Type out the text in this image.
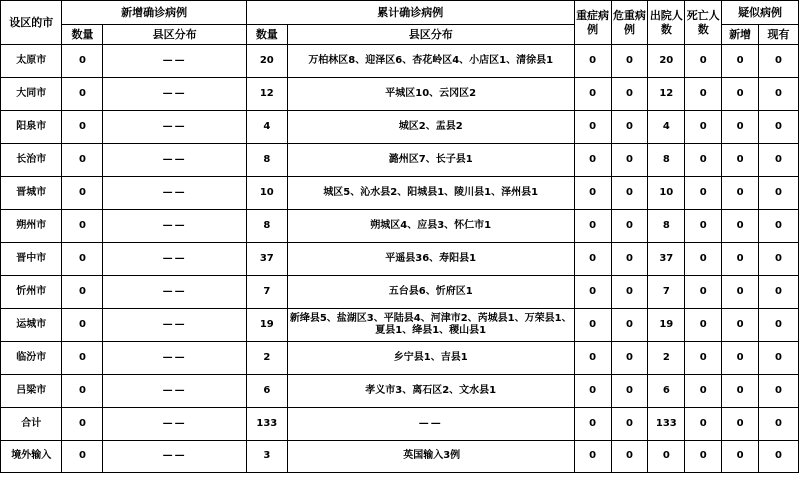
设区的市	新增确诊病例		累计确诊病例		重症病例	危重病例	出院人数	死亡人数	疑似病例	
	数量	县区分布	数量	县区分布					新增	现有
太原市	0	——	20	万柏林区8、迎泽区6、杏花岭区4、小店区1、清徐县1	0	0	20	0	0	0
大同市	0	——	12	平城区10、云冈区2	0	0	12	0	0	0
阳泉市	0	——	4	城区2、盂县2	0	0	4	0	0	0
长治市	0	——	8	潞州区7、长子县1	0	0	8	0	0	0
晋城市	0	——	10	城区5、沁水县2、阳城县1、陵川县1、泽州县1	0	0	10	0	0	0
朔州市	0	——	8	朔城区4、应县3、怀仁市1	0	0	8	0	0	0
晋中市	0	——	37	平遥县36、寿阳县1	0	0	37	0	0	0
忻州市	0	——	7	五台县6、忻府区1	0	0	7	0	0	0
运城市	0	——	19	新绛县5、盐湖区3、平陆县4、河津市2、芮城县1、万荣县1、夏县1、绛县1、稷山县1	0	0	19	0	0	0
临汾市	0	——	2	乡宁县1、吉县1	0	0	2	0	0	0
吕梁市	0	——	6	孝义市3、离石区2、文水县1	0	0	6	0	0	0
合计	0	——	133	——	0	0	133	0	0	0
境外输入	0	——	3	英国输入3例	0	0	0	0	0	0
